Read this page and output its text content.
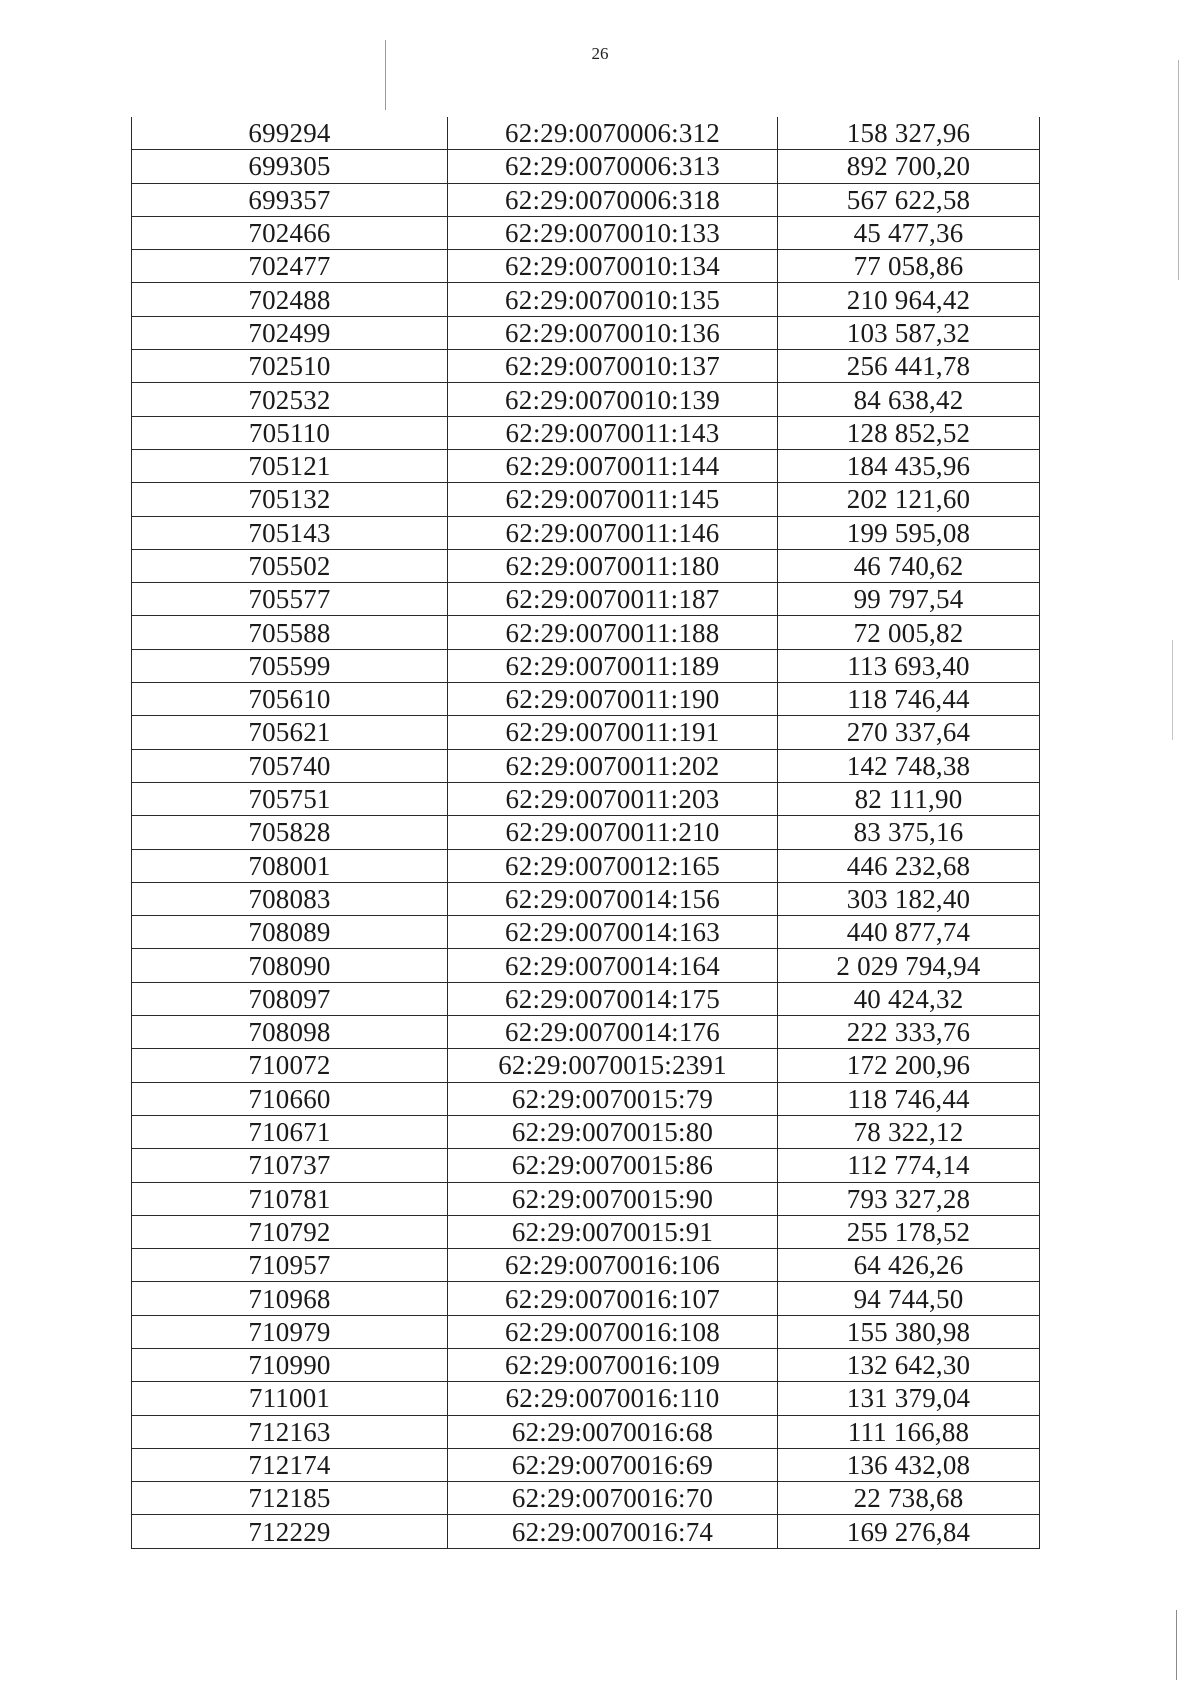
26
699294	62:29:0070006:312	158 327,96
699305	62:29:0070006:313	892 700,20
699357	62:29:0070006:318	567 622,58
702466	62:29:0070010:133	45 477,36
702477	62:29:0070010:134	77 058,86
702488	62:29:0070010:135	210 964,42
702499	62:29:0070010:136	103 587,32
702510	62:29:0070010:137	256 441,78
702532	62:29:0070010:139	84 638,42
705110	62:29:0070011:143	128 852,52
705121	62:29:0070011:144	184 435,96
705132	62:29:0070011:145	202 121,60
705143	62:29:0070011:146	199 595,08
705502	62:29:0070011:180	46 740,62
705577	62:29:0070011:187	99 797,54
705588	62:29:0070011:188	72 005,82
705599	62:29:0070011:189	113 693,40
705610	62:29:0070011:190	118 746,44
705621	62:29:0070011:191	270 337,64
705740	62:29:0070011:202	142 748,38
705751	62:29:0070011:203	82 111,90
705828	62:29:0070011:210	83 375,16
708001	62:29:0070012:165	446 232,68
708083	62:29:0070014:156	303 182,40
708089	62:29:0070014:163	440 877,74
708090	62:29:0070014:164	2 029 794,94
708097	62:29:0070014:175	40 424,32
708098	62:29:0070014:176	222 333,76
710072	62:29:0070015:2391	172 200,96
710660	62:29:0070015:79	118 746,44
710671	62:29:0070015:80	78 322,12
710737	62:29:0070015:86	112 774,14
710781	62:29:0070015:90	793 327,28
710792	62:29:0070015:91	255 178,52
710957	62:29:0070016:106	64 426,26
710968	62:29:0070016:107	94 744,50
710979	62:29:0070016:108	155 380,98
710990	62:29:0070016:109	132 642,30
711001	62:29:0070016:110	131 379,04
712163	62:29:0070016:68	111 166,88
712174	62:29:0070016:69	136 432,08
712185	62:29:0070016:70	22 738,68
712229	62:29:0070016:74	169 276,84
